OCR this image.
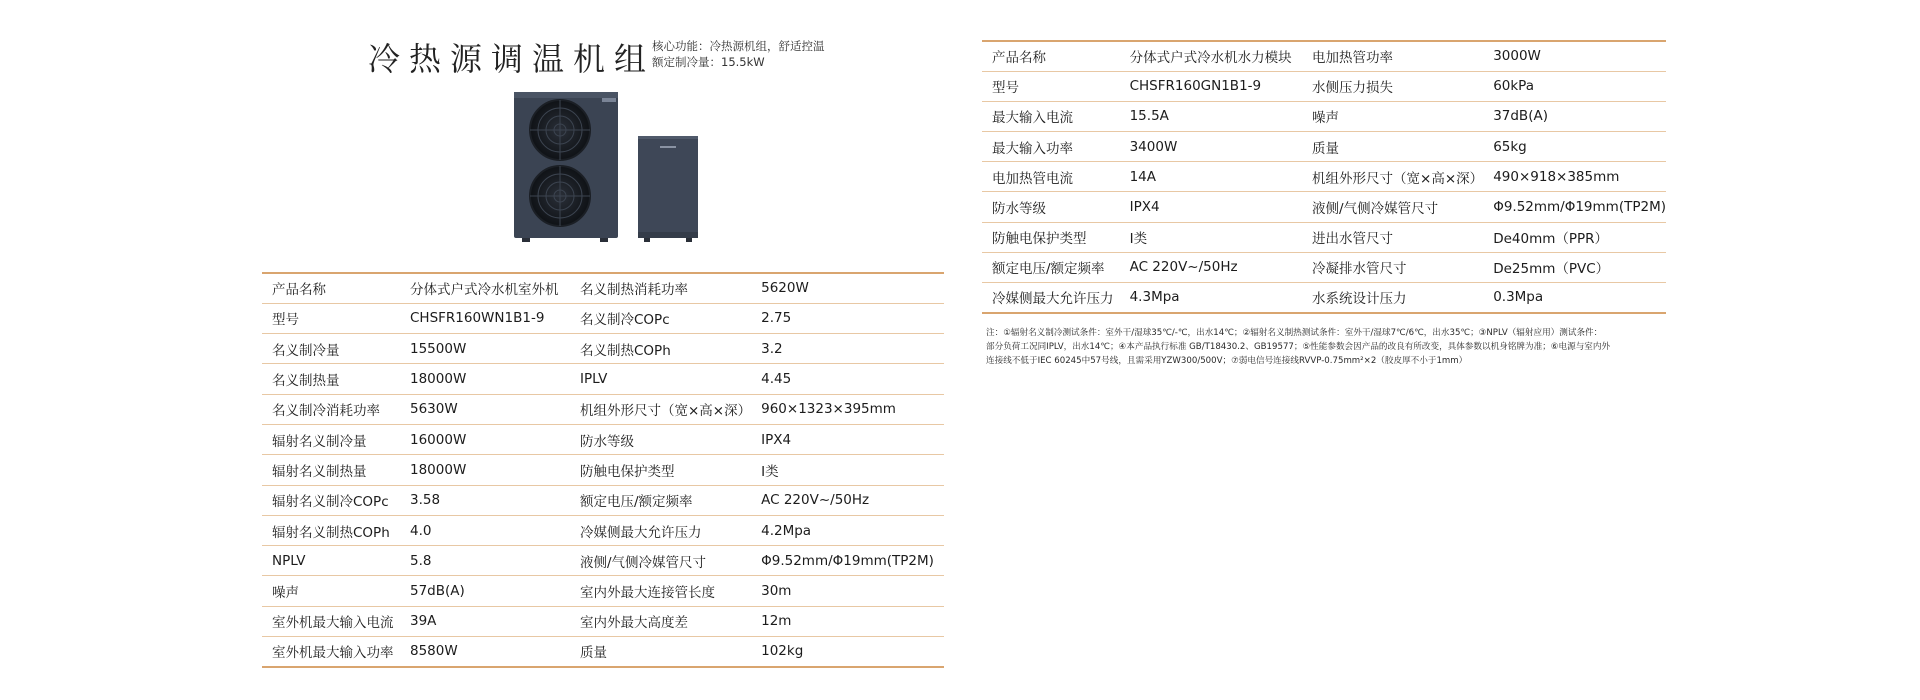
冷热源调温机组
核心功能：冷热源机组，舒适控温
额定制冷量：15.5kW
产品名称	分体式户式冷水机室外机	名义制热消耗功率	5620W
型号	CHSFR160WN1B1-9	名义制冷COPc	2.75
名义制冷量	15500W	名义制热COPh	3.2
名义制热量	18000W	IPLV	4.45
名义制冷消耗功率	5630W	机组外形尺寸（宽×高×深）	960×1323×395mm
辐射名义制冷量	16000W	防水等级	IPX4
辐射名义制热量	18000W	防触电保护类型	Ⅰ类
辐射名义制冷COPc	3.58	额定电压/额定频率	AC 220V~/50Hz
辐射名义制热COPh	4.0	冷媒侧最大允许压力	4.2Mpa
NPLV	5.8	液侧/气侧冷媒管尺寸	Φ9.52mm/Φ19mm(TP2M)
噪声	57dB(A)	室内外最大连接管长度	30m
室外机最大输入电流	39A	室内外最大高度差	12m
室外机最大输入功率	8580W	质量	102kg
产品名称	分体式户式冷水机水力模块	电加热管功率	3000W
型号	CHSFR160GN1B1-9	水侧压力损失	60kPa
最大输入电流	15.5A	噪声	37dB(A)
最大输入功率	3400W	质量	65kg
电加热管电流	14A	机组外形尺寸（宽×高×深）	490×918×385mm
防水等级	IPX4	液侧/气侧冷媒管尺寸	Φ9.52mm/Φ19mm(TP2M)
防触电保护类型	Ⅰ类	进出水管尺寸	De40mm（PPR）
额定电压/额定频率	AC 220V~/50Hz	冷凝排水管尺寸	De25mm（PVC）
冷媒侧最大允许压力	4.3Mpa	水系统设计压力	0.3Mpa
注：①辐射名义制冷测试条件：室外干/湿球35℃/-℃，出水14℃；②辐射名义制热测试条件：室外干/湿球7℃/6℃，出水35℃；③NPLV（辐射应用）测试条件：
部分负荷工况同IPLV，出水14℃；④本产品执行标准 GB/T18430.2、GB19577；⑤性能参数会因产品的改良有所改变，具体参数以机身铭牌为准；⑥电源与室内外
连接线不低于IEC 60245中57号线，且需采用YZW300/500V；⑦弱电信号连接线RVVP-0.75mm²×2（胶皮厚不小于1mm）
